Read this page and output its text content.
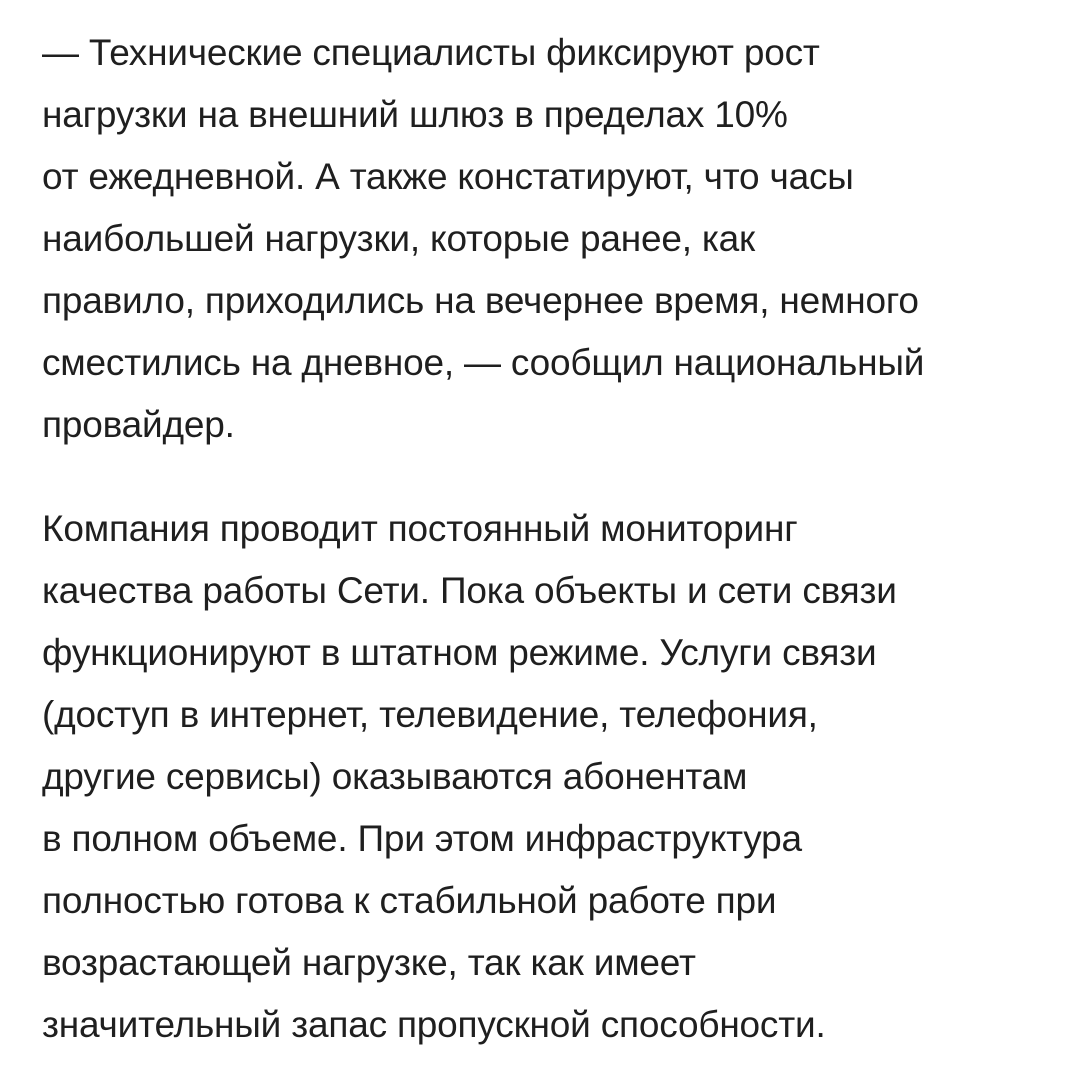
— Технические специалисты фиксируют рост
нагрузки на внешний шлюз в пределах 10%
от ежедневной. А также констатируют, что часы
наибольшей нагрузки, которые ранее, как
правило, приходились на вечернее время, немного
сместились на дневное, — сообщил национальный
провайдер.

Компания проводит постоянный мониторинг
качества работы Сети. Пока объекты и сети связи
функционируют в штатном режиме. Услуги связи
(доступ в интернет, телевидение, телефония,
другие сервисы) оказываются абонентам
в полном объеме. При этом инфраструктура
полностью готова к стабильной работе при
возрастающей нагрузке, так как имеет
значительный запас пропускной способности.
